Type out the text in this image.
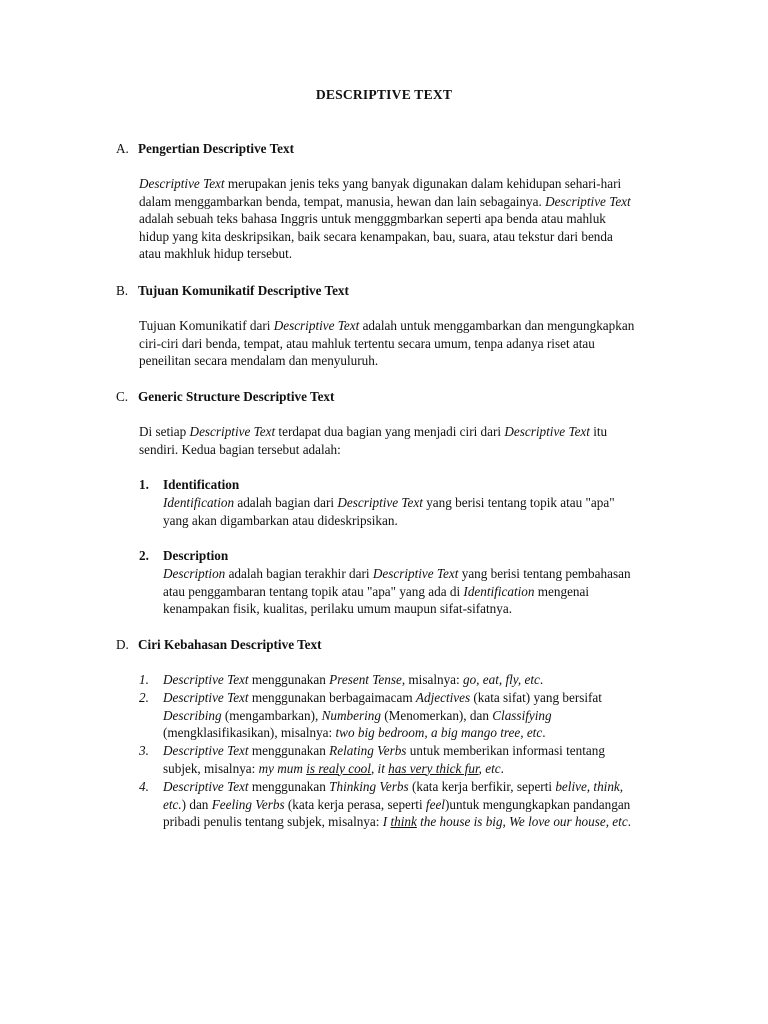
DESCRIPTIVE TEXT
A. Pengertian Descriptive Text
Descriptive Text merupakan jenis teks yang banyak digunakan dalam kehidupan sehari-hari
dalam menggambarkan benda, tempat, manusia, hewan dan lain sebagainya. Descriptive Text
adalah sebuah teks bahasa Inggris untuk mengggmbarkan seperti apa benda atau mahluk
hidup yang kita deskripsikan, baik secara kenampakan, bau, suara, atau tekstur dari benda
atau makhluk hidup tersebut.
B. Tujuan Komunikatif Descriptive Text
Tujuan Komunikatif dari Descriptive Text adalah untuk menggambarkan dan mengungkapkan
ciri-ciri dari benda, tempat, atau mahluk tertentu secara umum, tenpa adanya riset atau
peneilitan secara mendalam dan menyuluruh.
C. Generic Structure Descriptive Text
Di setiap Descriptive Text terdapat dua bagian yang menjadi ciri dari Descriptive Text itu
sendiri. Kedua bagian tersebut adalah:
1. Identification
Identification adalah bagian dari Descriptive Text yang berisi tentang topik atau "apa"
yang akan digambarkan atau dideskripsikan.
2. Description
Description adalah bagian terakhir dari Descriptive Text yang berisi tentang pembahasan
atau penggambaran tentang topik atau "apa" yang ada di Identification mengenai
kenampakan fisik, kualitas, perilaku umum maupun sifat-sifatnya.
D. Ciri Kebahasan Descriptive Text
1. Descriptive Text menggunakan Present Tense, misalnya: go, eat, fly, etc.
2. Descriptive Text menggunakan berbagaimacam Adjectives (kata sifat) yang bersifat
Describing (mengambarkan), Numbering (Menomerkan), dan Classifying
(mengklasifikasikan), misalnya: two big bedroom, a big mango tree, etc.
3. Descriptive Text menggunakan Relating Verbs untuk memberikan informasi tentang
subjek, misalnya: my mum is realy cool, it has very thick fur, etc.
4. Descriptive Text menggunakan Thinking Verbs (kata kerja berfikir, seperti belive, think,
etc.) dan Feeling Verbs (kata kerja perasa, seperti feel)untuk mengungkapkan pandangan
pribadi penulis tentang subjek, misalnya: I think the house is big, We love our house, etc.
